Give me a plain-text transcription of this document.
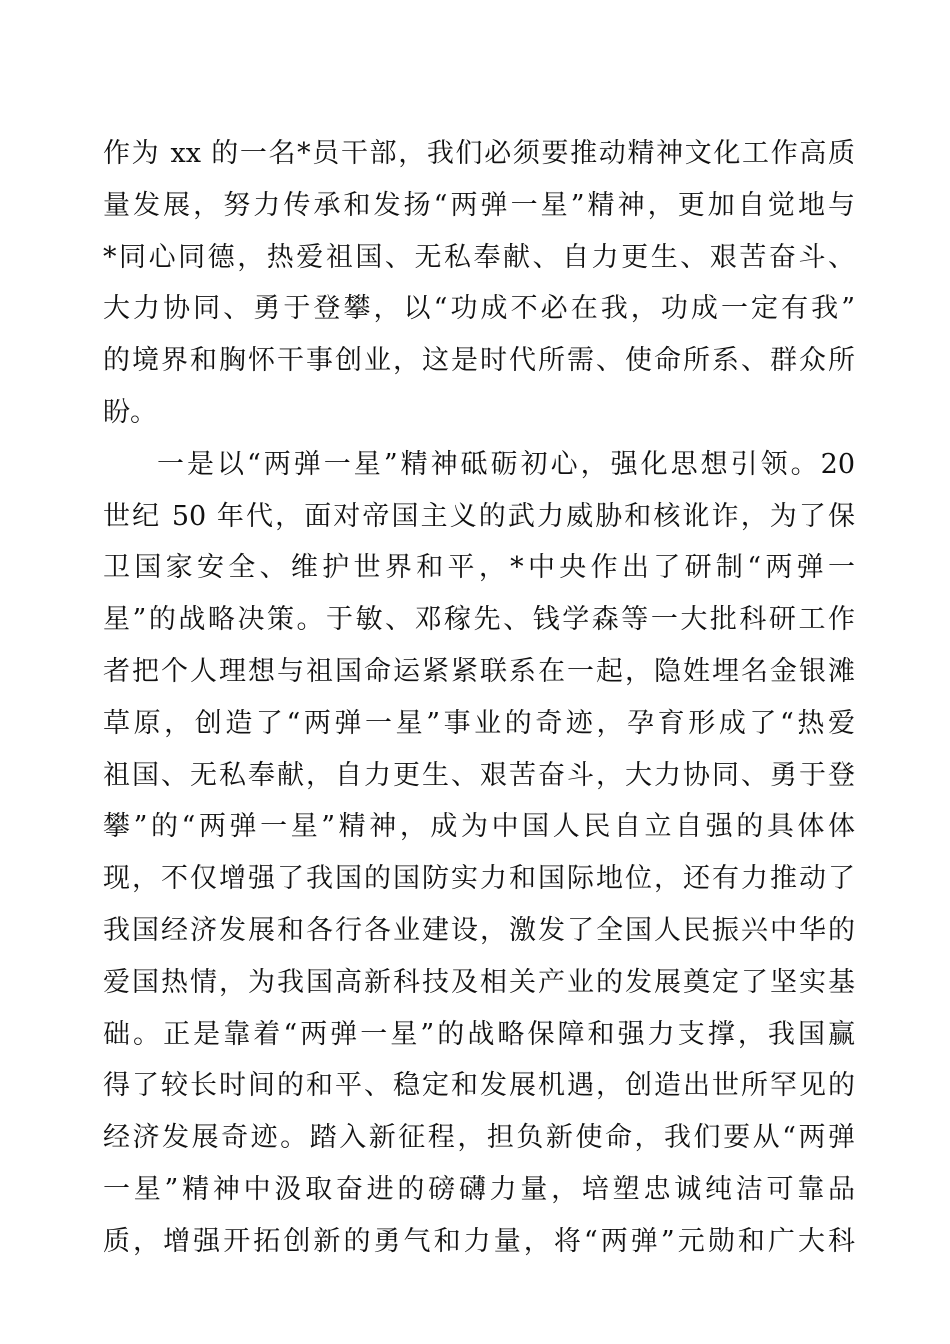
作为 xx 的一名*员干部，我们必须要推动精神文化工作高质
量发展，努力传承和发扬“两弹一星”精神，更加自觉地与
*同心同德，热爱祖国、无私奉献、自力更生、艰苦奋斗、
大力协同、勇于登攀，以“功成不必在我，功成一定有我”
的境界和胸怀干事创业，这是时代所需、使命所系、群众所
盼。
一是以“两弹一星”精神砥砺初心，强化思想引领。20
世纪 50 年代，面对帝国主义的武力威胁和核讹诈，为了保
卫国家安全、维护世界和平，*中央作出了研制“两弹一
星”的战略决策。于敏、邓稼先、钱学森等一大批科研工作
者把个人理想与祖国命运紧紧联系在一起，隐姓埋名金银滩
草原，创造了“两弹一星”事业的奇迹，孕育形成了“热爱
祖国、无私奉献，自力更生、艰苦奋斗，大力协同、勇于登
攀”的“两弹一星”精神，成为中国人民自立自强的具体体
现，不仅增强了我国的国防实力和国际地位，还有力推动了
我国经济发展和各行各业建设，激发了全国人民振兴中华的
爱国热情，为我国高新科技及相关产业的发展奠定了坚实基
础。正是靠着“两弹一星”的战略保障和强力支撑，我国赢
得了较长时间的和平、稳定和发展机遇，创造出世所罕见的
经济发展奇迹。踏入新征程，担负新使命，我们要从“两弹
一星”精神中汲取奋进的磅礴力量，培塑忠诚纯洁可靠品
质，增强开拓创新的勇气和力量，将“两弹”元勋和广大科
